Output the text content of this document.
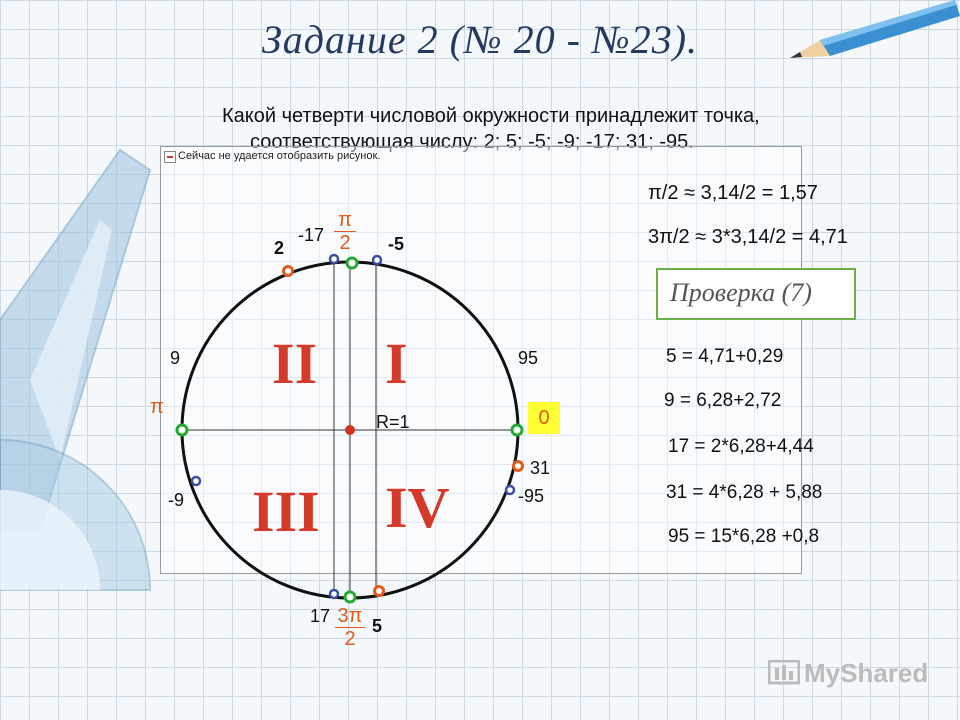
Задание 2 (№ 20 - №23).
Какой четверти числовой окружности принадлежит точка,
соответствующая числу: 2; 5; -5; -9; -17; 31; -95.
Сейчас не удается отобразить рисунок.
II I
III IV
R=1
π
π
2
3π
2
0
2
-17	-5
9	95
-9
31
-95
17 5
π/2 ≈ 3,14/2 = 1,57
3π/2 ≈ 3*3,14/2 = 4,71
Проверка (7)
5 = 4,71+0,29
9 = 6,28+2,72
17 = 2*6,28+4,44
31 = 4*6,28 + 5,88
95 = 15*6,28 +0,8
MyShared
